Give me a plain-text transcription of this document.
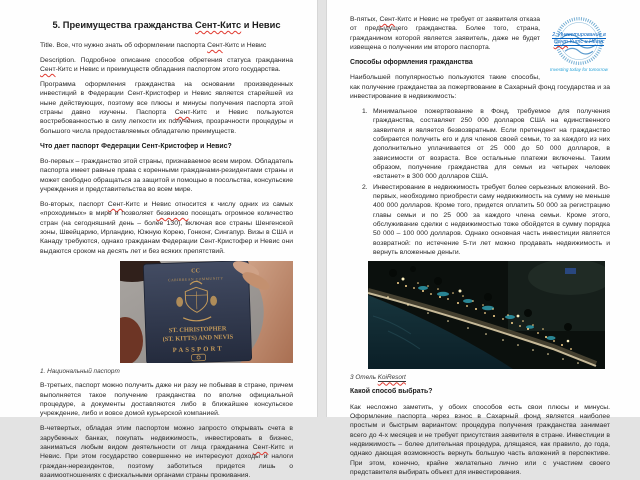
5. Преимущества гражданства Сент-Китс и Невис

Title. Все, что нужно знать об оформлении паспорта Сент-Китс и Невис

Description. Подробное описание способов обретения статуса гражданина Сент-Китс и Невис и преимуществ обладания паспортом этого государства.

Программа оформления гражданства на основании произведенных инвестиций в Федерации Сент-Кристофер и Невис является старейшей из ныне действующих, поэтому все плюсы и минусы получения паспорта этой страны давно изучены. Паспорта Сент-Китс и Невис пользуются востребованностью в силу легкости их получения, прозрачности процедуры и большого числа предоставляемых обладателю преимуществ.

Что дает паспорт Федерации Сент-Кристофер и Невис?

Во-первых – гражданство этой страны, признаваемое всем миром. Обладатель паспорта имеет равные права с коренными гражданами-резидентами страны и может свободно обращаться за защитой и помощью в посольства, консульские учреждения и представительства во всем мире.

Во-вторых, паспорт Сент-Китс и Невис относится к числу одних из самых «проходимых» в мире и позволяет безвизово посещать огромное количество стран (на сегодняшний день – более 130), включая все страны Шенгенской зоны, Швейцарию, Ирландию, Южную Корею, Гонконг, Сингапур. Визы в США и Канаду требуются, однако гражданам Федерации Сент-Кристофер и Невис они выдаются сроком на десять лет и без всяких препятствий.

CC
CARIBBEAN COMMUNITY
ST. CHRISTOPHER
(ST. KITTS) AND NEVIS
PASSPORT
1. Национальный паспорт

В-третьих, паспорт можно получить даже ни разу не побывав в стране, причем выполняется такое получение гражданства по вполне официальной процедуре, а документы доставляются либо в ближайшее консульское учреждение, либо и вовсе домой курьерской компанией.

В-четвертых, обладая этим паспортом можно запросто открывать счета в зарубежных банках, покупать недвижимость, инвестировать в бизнес, заниматься любым видом деятельности от лица гражданина Сент-Китс и Невис. При этом государство совершенно не интересуют доходы и налоги граждан-нерезидентов, поэтому заботиться придется лишь о взаимоотношениях с фискальными органами страны проживания.

2. Инвестирование в
Сент-Китс и Невис
Investing today for tomorrow

В-пятых, Сент-Китс и Невис не требует от заявителя отказа от предыдущего гражданства. Более того, страна, гражданином которой является заявитель, даже не будет извещена о получении им второго паспорта.

Способы оформления гражданства

Наибольшей популярностью пользуются такие способы, как получение гражданства за пожертвование в Сахарный фонд государства и за инвестирование в недвижимость:

1. Минимальное пожертвование в Фонд, требуемое для получения гражданства, составляет 250 000 долларов США на единственного заявителя и является безвозвратным. Если претендент на гражданство собирается получить его и для членов своей семьи, то за каждого из них дополнительно уплачивается от 25 000 до 50 000 долларов, в зависимости от возраста. Все остальные платежи включены. Таким образом, получение гражданства для семьи из четырех человек «встанет» в 300 000 долларов США.
2. Инвестирование в недвижимость требует более серьезных вложений. Во-первых, необходимо приобрести саму недвижимость на сумму не меньше 400 000 долларов. Кроме того, придется оплатить 50 000 за регистрацию главы семьи и по 25 000 за каждого члена семьи. Кроме этого, обслуживание сделки с недвижимостью тоже обойдется в сумму порядка 50 000 – 100 000 долларов. Однако основная часть инвестиции является возвратной: по истечение 5-ти лет можно продавать недвижимость и вернуть вложенные деньги.
3 Отель KoiResort
Какой способ выбрать?

Как несложно заметить, у обоих способов есть свои плюсы и минусы. Оформление паспорта через взнос в Сахарный фонд является наиболее простым и быстрым вариантом: процедура получения гражданства занимает всего до 4-х месяцев и не требует присутствия заявителя в стране. Инвестиции в недвижимость – более длительная процедура, длящаяся, как правило, до года, однако дающая возможность вернуть большую часть вложений в перспективе. При этом, конечно, крайне желательно лично или с участием своего представителя выбирать объект для инвестирования.
